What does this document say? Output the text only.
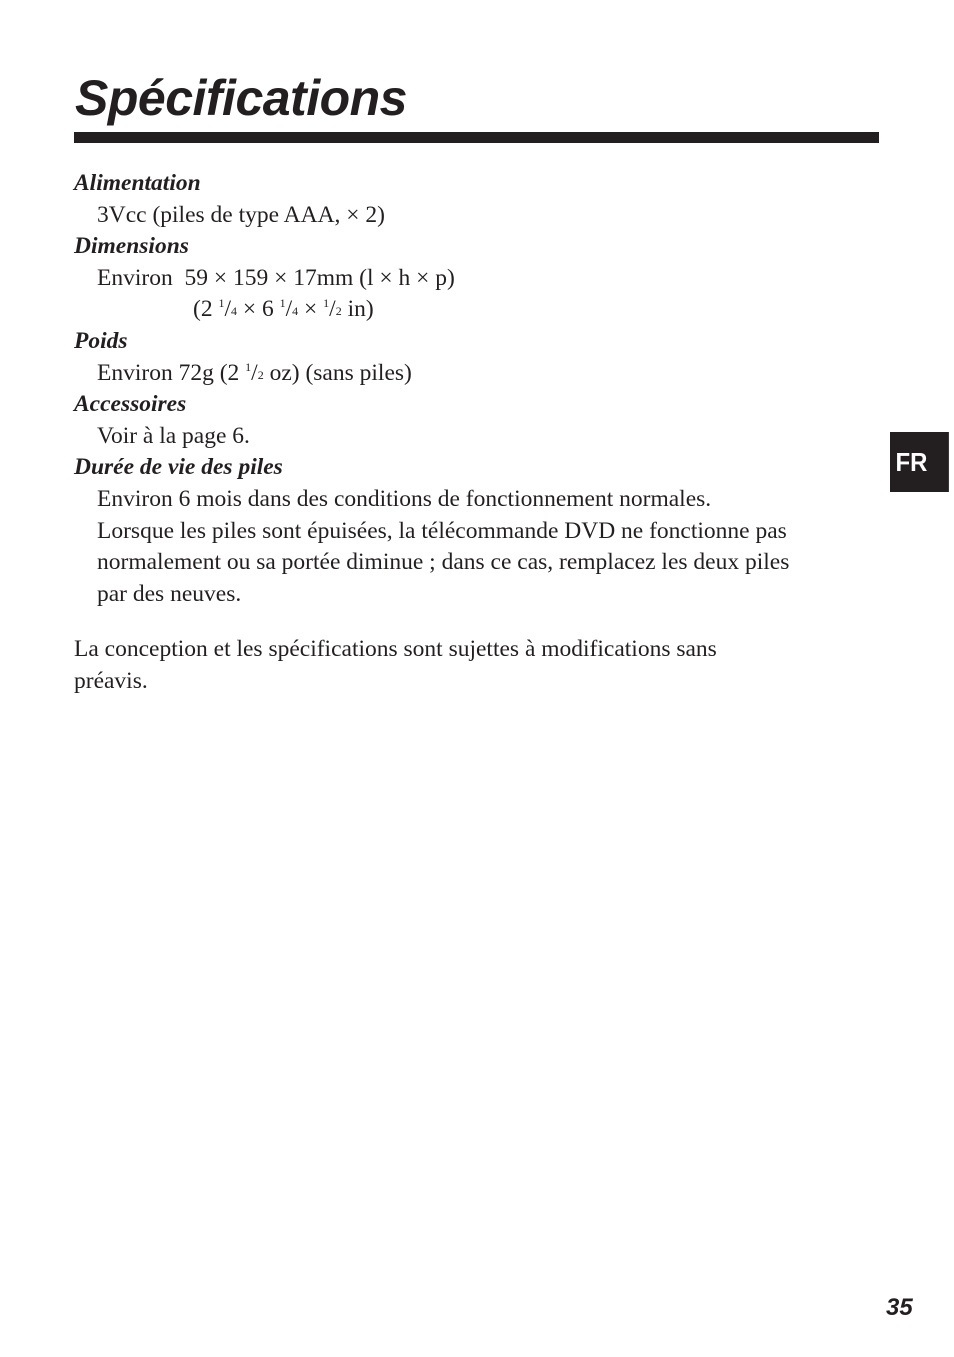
Spécifications

Alimentation

3Vcc (piles de type AAA, × 2)

Dimensions

Environ  59 × 159 × 17mm (l × h × p)

(2 $^1/_4 \times 6$ $^1/_4 \times ^1/_2$ in)

Poids

Environ 72g (2 $^1/_2$ oz) (sans piles)

Accessoires

Voir à la page 6.

Durée de vie des piles

Environ 6 mois dans des conditions de fonctionnement normales.

Lorsque les piles sont épuisées, la télécommande DVD ne fonctionne pas

normalement ou sa portée diminue ; dans ce cas, remplacez les deux piles

par des neuves.

La conception et les spécifications sont sujettes à modifications sans
préavis.

FR
35
